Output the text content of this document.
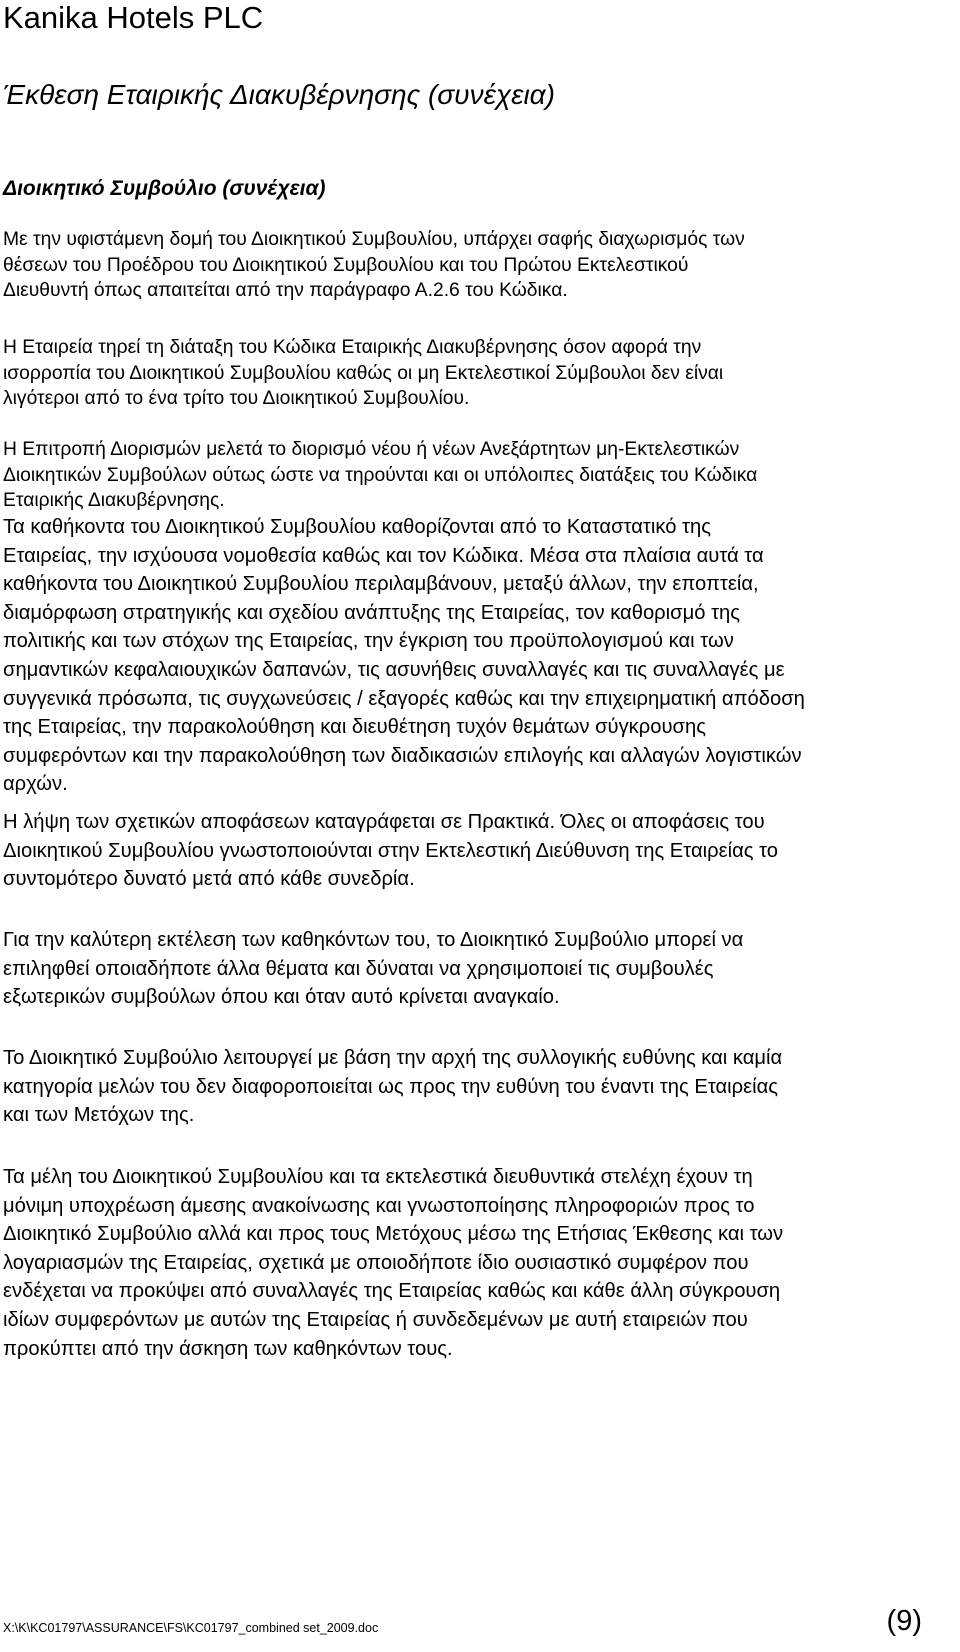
Kanika Hotels PLC
Έκθεση Εταιρικής Διακυβέρνησης (συνέχεια)
Διοικητικό Συμβούλιο (συνέχεια)

Με την υφιστάμενη δομή του Διοικητικού Συμβουλίου, υπάρχει σαφής διαχωρισμός των
θέσεων του Προέδρου του Διοικητικού Συμβουλίου και του Πρώτου Εκτελεστικού
Διευθυντή όπως απαιτείται από την παράγραφο Α.2.6 του Κώδικα.

Η Εταιρεία τηρεί τη διάταξη του Κώδικα Εταιρικής Διακυβέρνησης όσον αφορά την
ισορροπία του Διοικητικού Συμβουλίου καθώς οι μη Εκτελεστικοί Σύμβουλοι δεν είναι
λιγότεροι από το ένα τρίτο του Διοικητικού Συμβουλίου.

Η Επιτροπή Διορισμών μελετά το διορισμό νέου ή νέων Ανεξάρτητων μη-Εκτελεστικών
Διοικητικών Συμβούλων ούτως ώστε να τηρούνται και οι υπόλοιπες διατάξεις του Κώδικα
Εταιρικής Διακυβέρνησης.

Τα καθήκοντα του Διοικητικού Συμβουλίου καθορίζονται από το Καταστατικό της
Εταιρείας, την ισχύουσα νομοθεσία καθώς και τον Κώδικα. Μέσα στα πλαίσια αυτά τα
καθήκοντα του Διοικητικού Συμβουλίου περιλαμβάνουν, μεταξύ άλλων, την εποπτεία,
διαμόρφωση στρατηγικής και σχεδίου ανάπτυξης της Εταιρείας, τον καθορισμό της
πολιτικής και των στόχων της Εταιρείας, την έγκριση του προϋπολογισμού και των
σημαντικών κεφαλαιουχικών δαπανών, τις ασυνήθεις συναλλαγές και τις συναλλαγές με
συγγενικά πρόσωπα, τις συγχωνεύσεις / εξαγορές καθώς και την επιχειρηματική απόδοση
της Εταιρείας, την παρακολούθηση και διευθέτηση τυχόν θεμάτων σύγκρουσης
συμφερόντων και την παρακολούθηση των διαδικασιών επιλογής και αλλαγών λογιστικών
αρχών.

Η λήψη των σχετικών αποφάσεων καταγράφεται σε Πρακτικά. Όλες οι αποφάσεις του
Διοικητικού Συμβουλίου γνωστοποιούνται στην Εκτελεστική Διεύθυνση της Εταιρείας το
συντομότερο δυνατό μετά από κάθε συνεδρία.

Για την καλύτερη εκτέλεση των καθηκόντων του, το Διοικητικό Συμβούλιο μπορεί να
επιληφθεί οποιαδήποτε άλλα θέματα και δύναται να χρησιμοποιεί τις συμβουλές
εξωτερικών συμβούλων όπου και όταν αυτό κρίνεται αναγκαίο.

Το Διοικητικό Συμβούλιο λειτουργεί με βάση την αρχή της συλλογικής ευθύνης και καμία
κατηγορία μελών του δεν διαφοροποιείται ως προς την ευθύνη του έναντι της Εταιρείας
και των Μετόχων της.

Τα μέλη του Διοικητικού Συμβουλίου και τα εκτελεστικά διευθυντικά στελέχη έχουν τη
μόνιμη υποχρέωση άμεσης ανακοίνωσης και γνωστοποίησης πληροφοριών προς το
Διοικητικό Συμβούλιο αλλά και προς τους Μετόχους μέσω της Ετήσιας Έκθεσης και των
λογαριασμών της Εταιρείας, σχετικά με οποιοδήποτε ίδιο ουσιαστικό συμφέρον που
ενδέχεται να προκύψει από συναλλαγές της Εταιρείας καθώς και κάθε άλλη σύγκρουση
ιδίων συμφερόντων με αυτών της Εταιρείας ή συνδεδεμένων με αυτή εταιρειών που
προκύπτει από την άσκηση των καθηκόντων τους.

X:\K\KC01797\ASSURANCE\FS\KC01797_combined set_2009.doc	(9)
